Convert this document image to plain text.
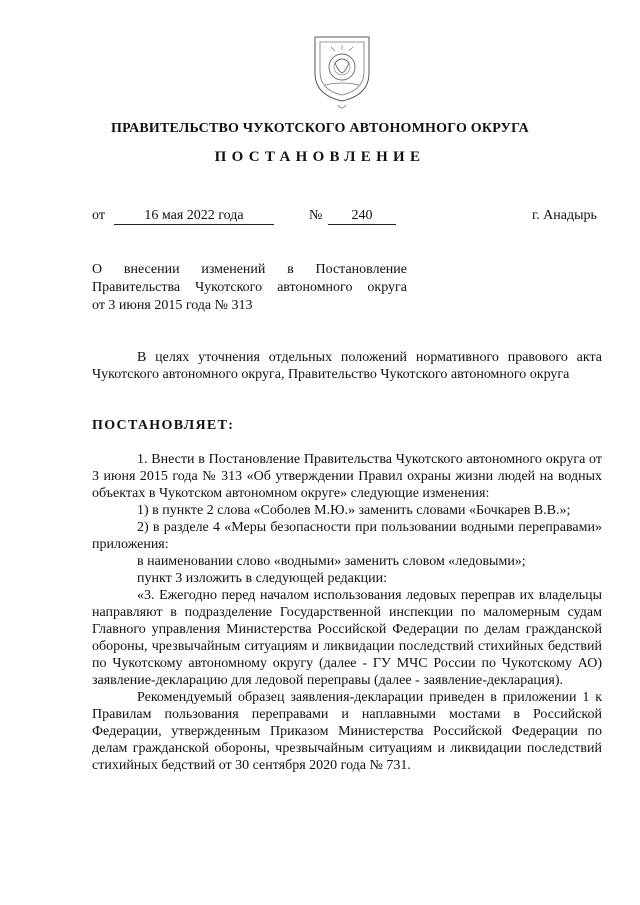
ПРАВИТЕЛЬСТВО ЧУКОТСКОГО АВТОНОМНОГО ОКРУГА
ПОСТАНОВЛЕНИЕ
от	16 мая 2022 года	№	240	г. Анадырь
О внесении изменений в Постановление
Правительства Чукотского автономного округа
от 3 июня 2015 года № 313
В целях уточнения отдельных положений нормативного правового акта Чукотского автономного округа, Правительство Чукотского автономного округа
ПОСТАНОВЛЯЕТ:
1. Внести в Постановление Правительства Чукотского автономного округа от 3 июня 2015 года № 313 «Об утверждении Правил охраны жизни людей на водных объектах в Чукотском автономном округе» следующие изменения:
1) в пункте 2 слова «Соболев М.Ю.» заменить словами «Бочкарев В.В.»;
2) в разделе 4 «Меры безопасности при пользовании водными переправами» приложения:
в наименовании слово «водными» заменить словом «ледовыми»;
пункт 3 изложить в следующей редакции:
«3. Ежегодно перед началом использования ледовых переправ их владельцы направляют в подразделение Государственной инспекции по маломерным судам Главного управления Министерства Российской Федерации по делам гражданской обороны, чрезвычайным ситуациям и ликвидации последствий стихийных бедствий по Чукотскому автономному округу (далее - ГУ МЧС России по Чукотскому АО) заявление-декларацию для ледовой переправы (далее - заявление-декларация).
Рекомендуемый образец заявления-декларации приведен в приложении 1 к Правилам пользования переправами и наплавными мостами в Российской Федерации, утвержденным Приказом Министерства Российской Федерации по делам гражданской обороны, чрезвычайным ситуациям и ликвидации последствий стихийных бедствий от 30 сентября 2020 года № 731.
